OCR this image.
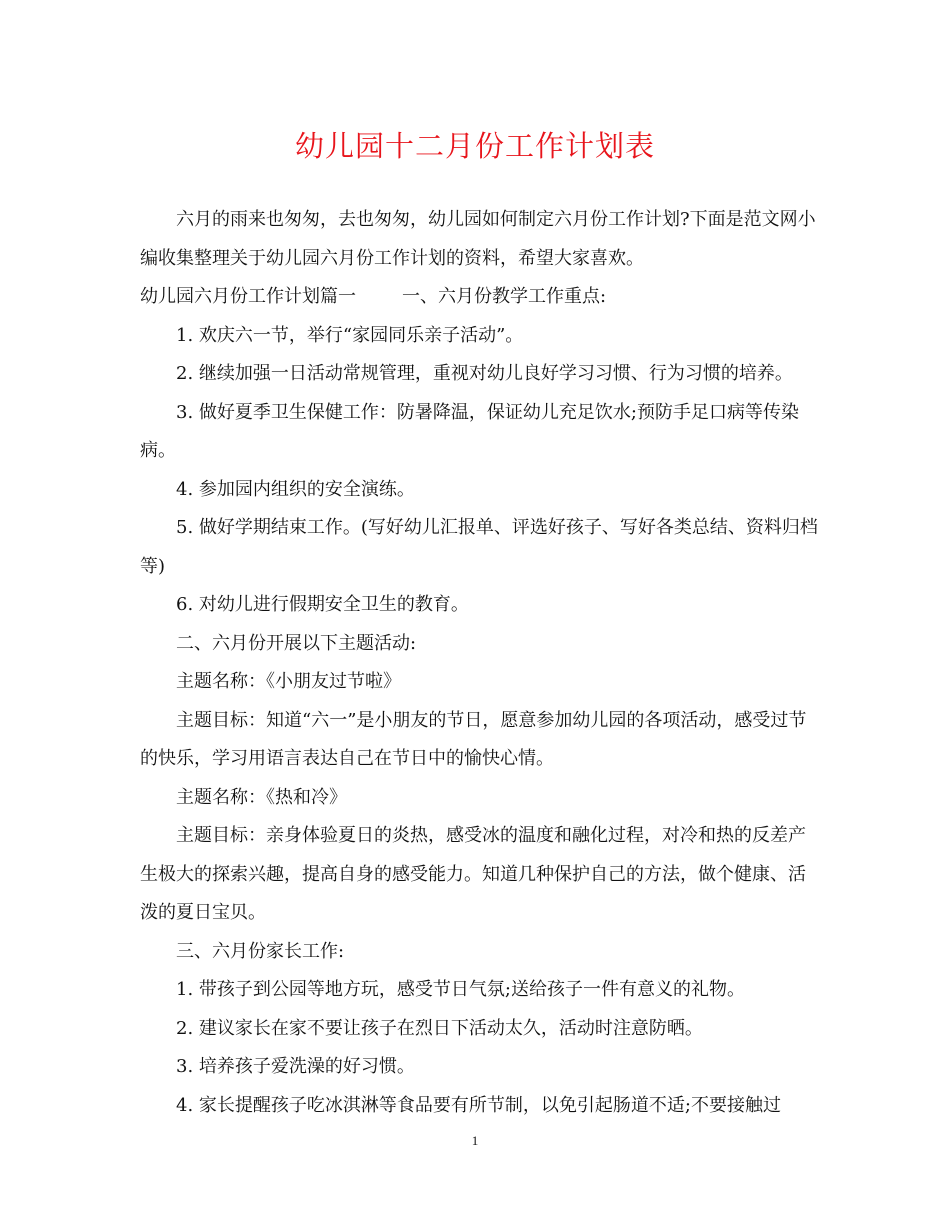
幼儿园十二月份工作计划表

六月的雨来也匆匆，去也匆匆，幼儿园如何制定六月份工作计划?下面是范文网小编收集整理关于幼儿园六月份工作计划的资料，希望大家喜欢。

幼儿园六月份工作计划篇一	一、六月份教学工作重点:

1. 欢庆六一节，举行“家园同乐亲子活动”。

2. 继续加强一日活动常规管理，重视对幼儿良好学习习惯、行为习惯的培养。

3. 做好夏季卫生保健工作：防暑降温，保证幼儿充足饮水;预防手足口病等传染病。

4. 参加园内组织的安全演练。

5. 做好学期结束工作。(写好幼儿汇报单、评选好孩子、写好各类总结、资料归档等)

6. 对幼儿进行假期安全卫生的教育。

二、六月份开展以下主题活动:

主题名称：《小朋友过节啦》

主题目标：知道“六一”是小朋友的节日，愿意参加幼儿园的各项活动，感受过节的快乐，学习用语言表达自己在节日中的愉快心情。

主题名称：《热和冷》

主题目标：亲身体验夏日的炎热，感受冰的温度和融化过程，对冷和热的反差产生极大的探索兴趣，提高自身的感受能力。知道几种保护自己的方法，做个健康、活泼的夏日宝贝。

三、六月份家长工作:

1. 带孩子到公园等地方玩，感受节日气氛;送给孩子一件有意义的礼物。

2. 建议家长在家不要让孩子在烈日下活动太久，活动时注意防晒。

3. 培养孩子爱洗澡的好习惯。

4. 家长提醒孩子吃冰淇淋等食品要有所节制，以免引起肠道不适;不要接触过

1
